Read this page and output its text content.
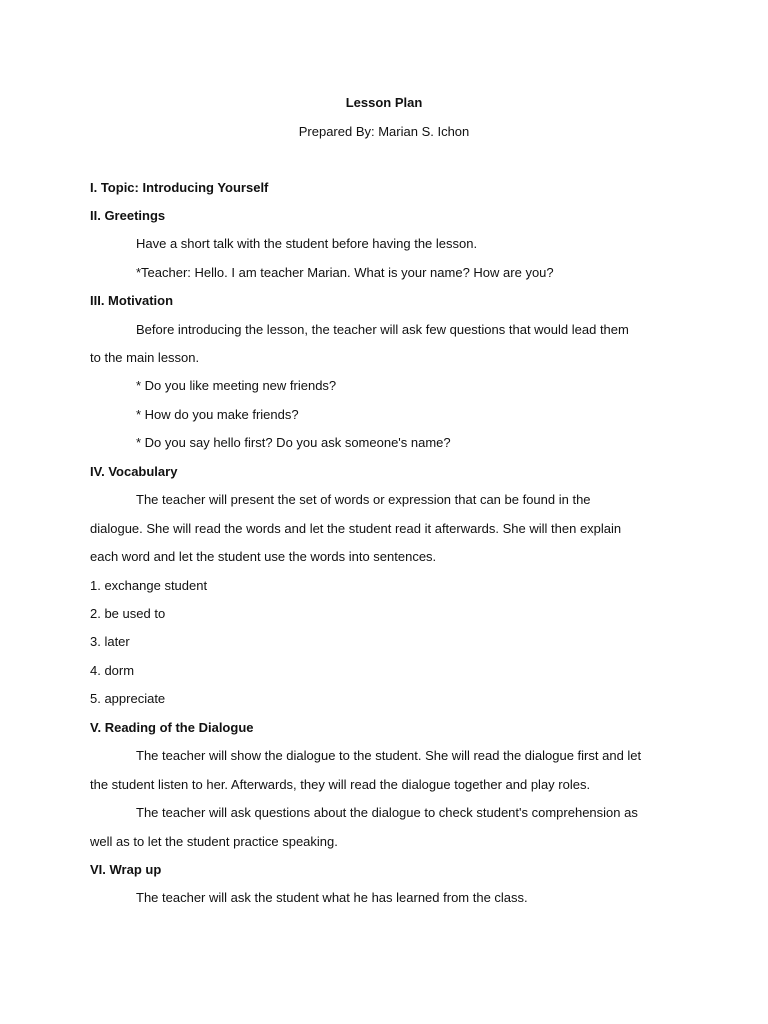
Lesson Plan
Prepared By: Marian S. Ichon
I. Topic: Introducing Yourself
II. Greetings
Have a short talk with the student before having the lesson.
*Teacher: Hello. I am teacher Marian. What is your name? How are you?
III. Motivation
Before introducing the lesson, the teacher will ask few questions that would lead them
to the main lesson.
* Do you like meeting new friends?
* How do you make friends?
* Do you say hello first? Do you ask someone's name?
IV. Vocabulary
The teacher will present the set of words or expression that can be found in the
dialogue. She will read the words and let the student read it afterwards. She will then explain
each word and let the student use the words into sentences.
1. exchange student
2. be used to
3. later
4. dorm
5. appreciate
V. Reading of the Dialogue
The teacher will show the dialogue to the student. She will read the dialogue first and let
the student listen to her. Afterwards, they will read the dialogue together and play roles.
The teacher will ask questions about the dialogue to check student's comprehension as
well as to let the student practice speaking.
VI. Wrap up
The teacher will ask the student what he has learned from the class.
